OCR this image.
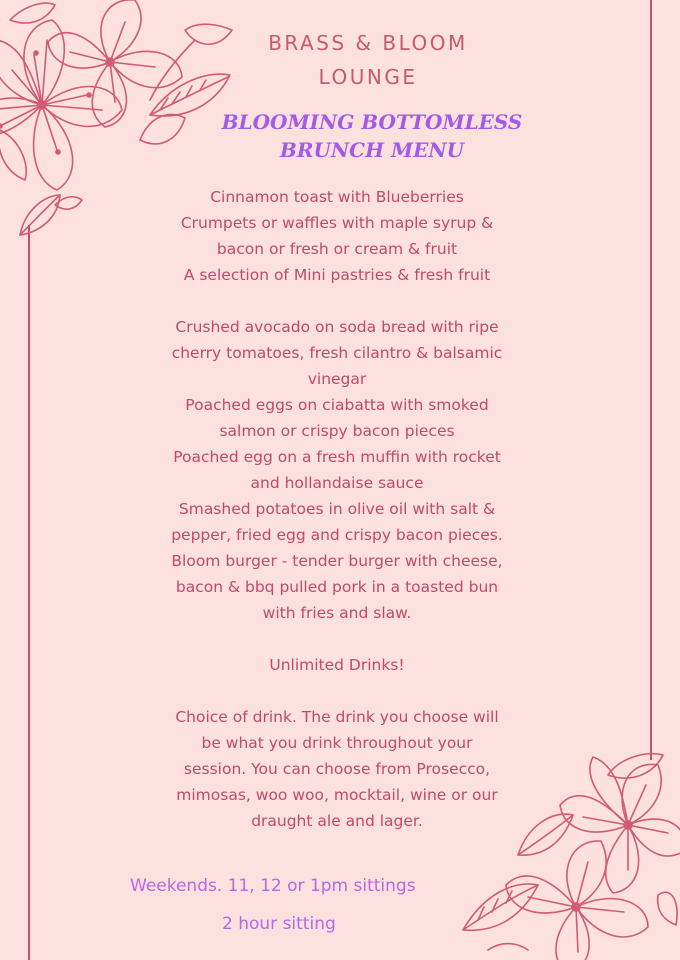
BRASS & BLOOM
LOUNGE
BLOOMING BOTTOMLESS
BRUNCH MENU

Cinnamon toast with Blueberries

Crumpets or waffles with maple syrup &

bacon or fresh or cream & fruit

A selection of Mini pastries & fresh fruit

Crushed avocado on soda bread with ripe

cherry tomatoes, fresh cilantro & balsamic

vinegar

Poached eggs on ciabatta with smoked

salmon or crispy bacon pieces

Poached egg on a fresh muffin with rocket

and hollandaise sauce

Smashed potatoes in olive oil with salt &

pepper, fried egg and crispy bacon pieces.

Bloom burger - tender burger with cheese,

bacon & bbq pulled pork in a toasted bun

with fries and slaw.

Unlimited Drinks!

Choice of drink. The drink you choose will

be what you drink throughout your

session. You can choose from Prosecco,

mimosas, woo woo, mocktail, wine or our

draught ale and lager.

Weekends. 11, 12 or 1pm sittings
2 hour sitting
